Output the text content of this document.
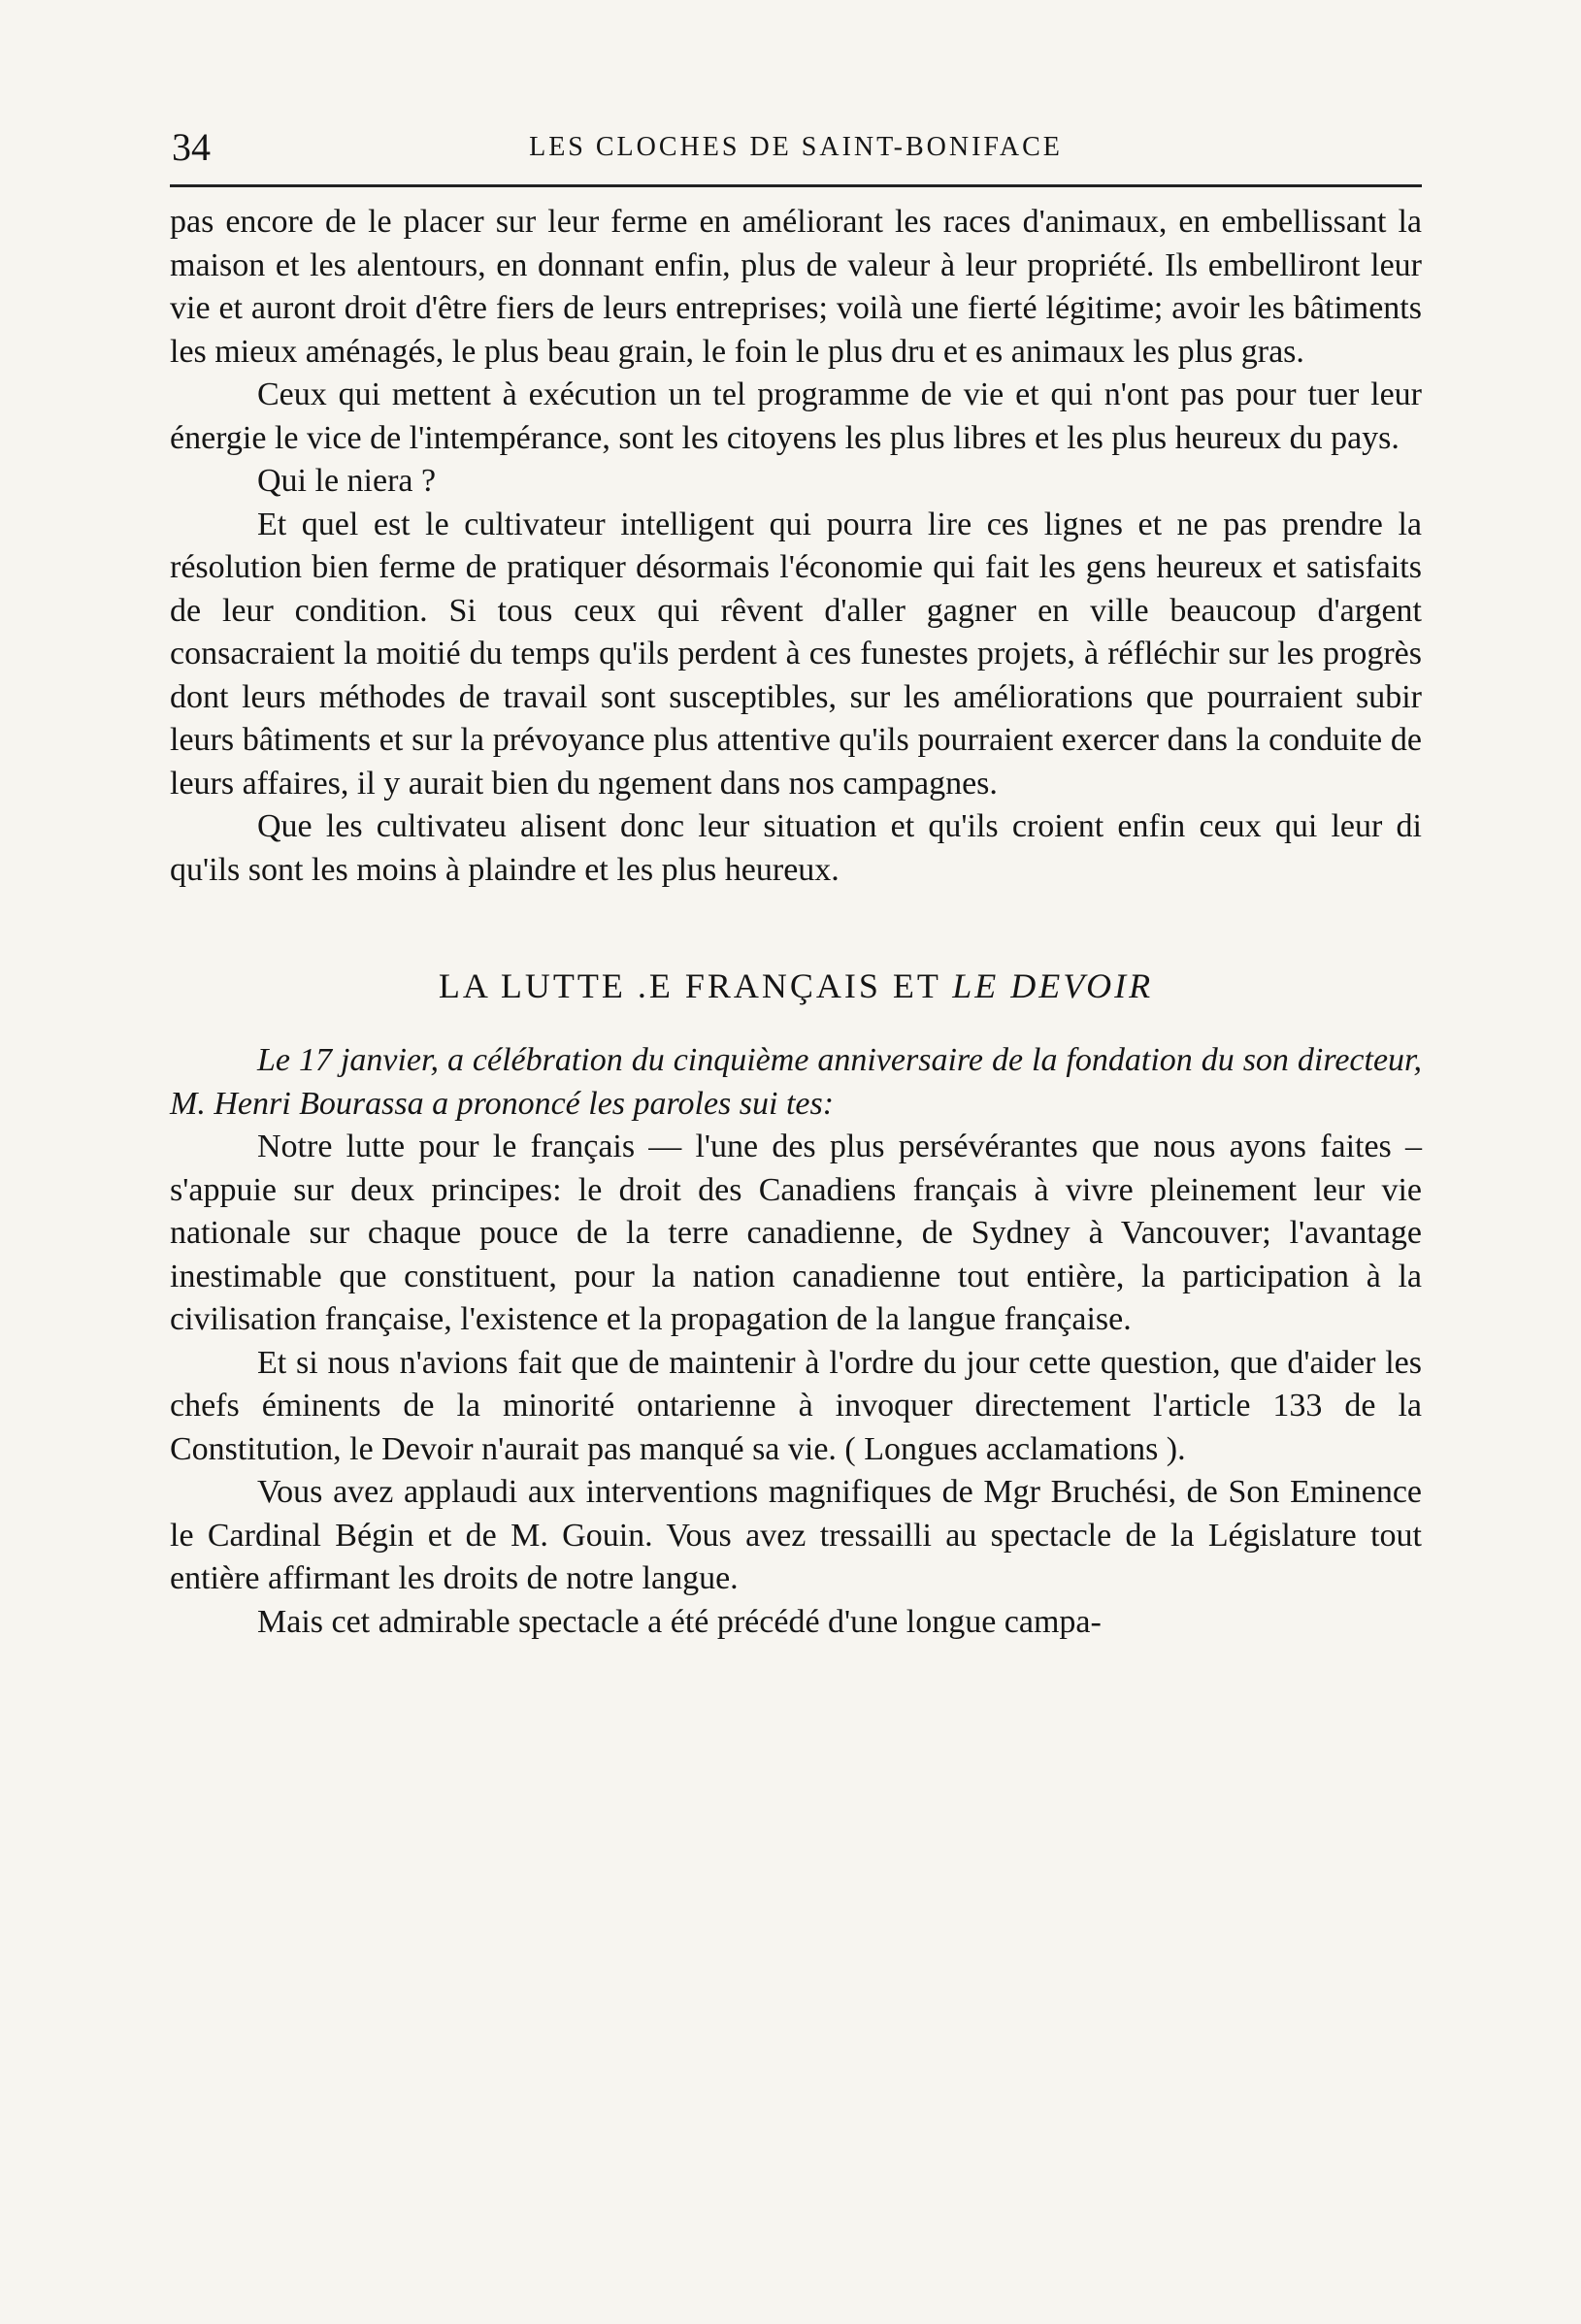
34	LES CLOCHES DE SAINT-BONIFACE

pas encore de le placer sur leur ferme en améliorant les races d'animaux, en embellissant la maison et les alentours, en donnant enfin, plus de valeur à leur propriété. Ils embelliront leur vie et auront droit d'être fiers de leurs entreprises; voilà une fierté légitime; avoir les bâtiments les mieux aménagés, le plus beau grain, le foin le plus dru et es animaux les plus gras.

Ceux qui mettent à exécution un tel programme de vie et qui n'ont pas pour tuer leur énergie le vice de l'intempérance, sont les citoyens les plus libres et les plus heureux du pays.

Qui le niera ?

Et quel est le cultivateur intelligent qui pourra lire ces lignes et ne pas prendre la résolution bien ferme de pratiquer désormais l'économie qui fait les gens heureux et satisfaits de leur condition. Si tous ceux qui rêvent d'aller gagner en ville beaucoup d'argent consacraient la moitié du temps qu'ils perdent à ces funestes projets, à réfléchir sur les progrès dont leurs méthodes de travail sont susceptibles, sur les améliorations que pourraient subir leurs bâtiments et sur la prévoyance plus attentive qu'ils pourraient exercer dans la conduite de leurs affaires, il y aurait bien du ngement dans nos campagnes.

Que les cultivateu alisent donc leur situation et qu'ils croient enfin ceux qui leur di qu'ils sont les moins à plaindre et les plus heureux.

LA LUTTE .E FRANÇAIS ET LE DEVOIR
Le 17 janvier, a célébration du cinquième anniversaire de la fondation du son directeur, M. Henri Bourassa a prononcé les paroles sui tes:

Notre lutte pour le français — l'une des plus persévérantes que nous ayons faites – s'appuie sur deux principes: le droit des Canadiens français à vivre pleinement leur vie nationale sur chaque pouce de la terre canadienne, de Sydney à Vancouver; l'avantage inestimable que constituent, pour la nation canadienne tout entière, la participation à la civilisation française, l'existence et la propagation de la langue française.

Et si nous n'avions fait que de maintenir à l'ordre du jour cette question, que d'aider les chefs éminents de la minorité ontarienne à invoquer directement l'article 133 de la Constitution, le Devoir n'aurait pas manqué sa vie. ( Longues acclamations ).

Vous avez applaudi aux interventions magnifiques de Mgr Bruchési, de Son Eminence le Cardinal Bégin et de M. Gouin. Vous avez tressailli au spectacle de la Législature tout entière affirmant les droits de notre langue.

Mais cet admirable spectacle a été précédé d'une longue campa-
